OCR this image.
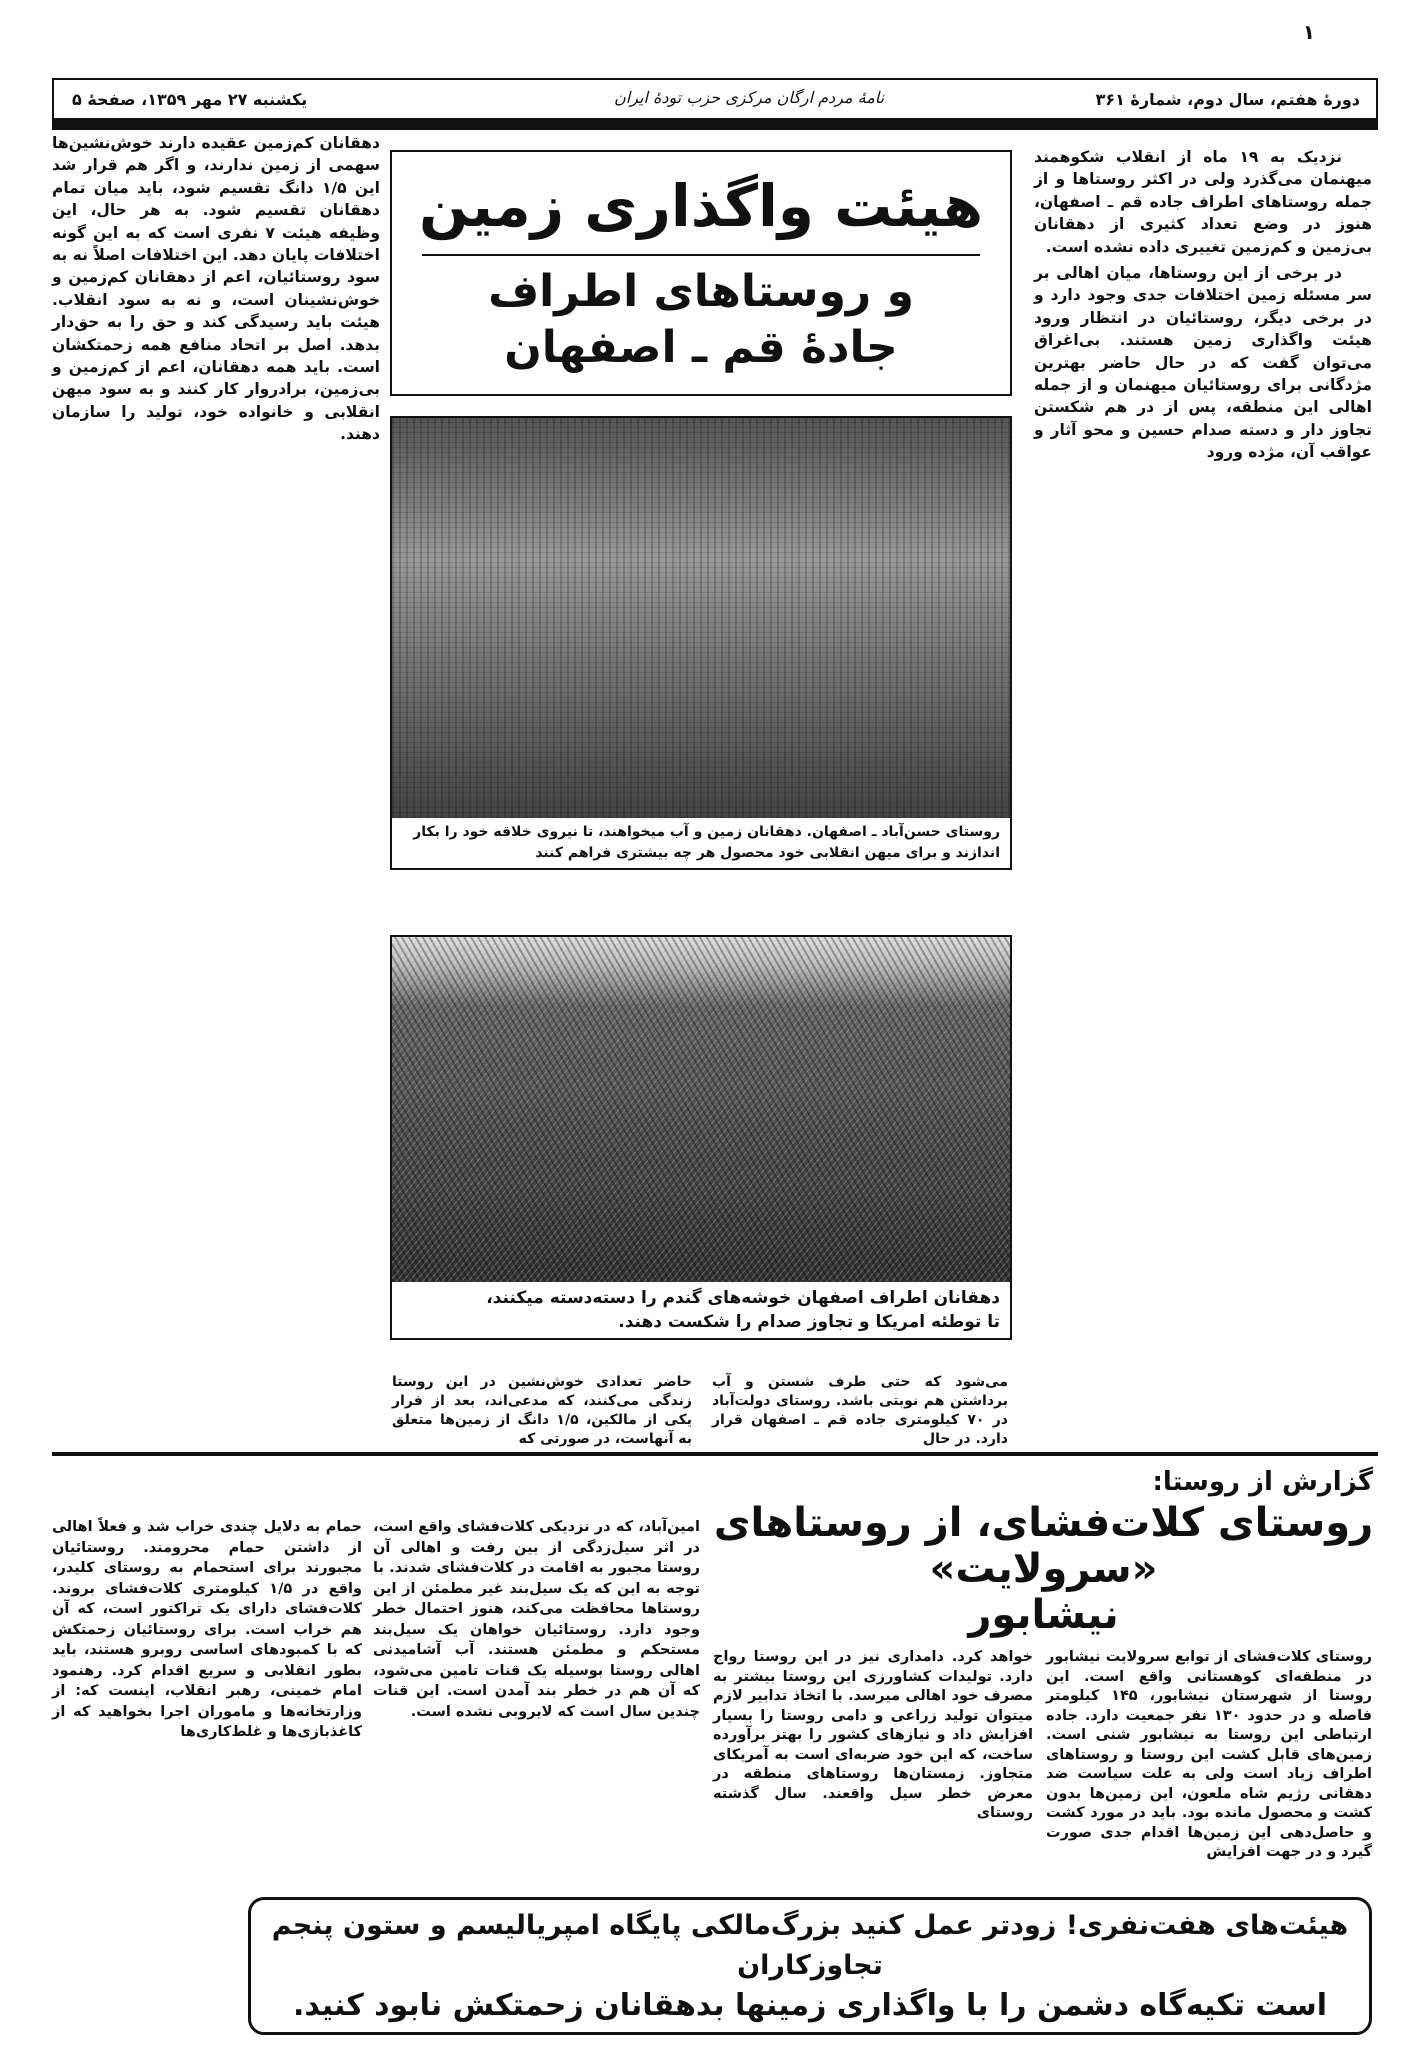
۱
دورهٔ هفتم، سال دوم، شمارهٔ ۳۶۱
نامهٔ مردم ارگان مرکزی حزب تودهٔ ایران
یکشنبه ۲۷ مهر ۱۳۵۹، صفحهٔ ۵

نزدیک به ۱۹ ماه از انقلاب شکوهمند میهنمان می‌گذرد ولی در اکثر روستاها و از جمله روستاهای اطراف جاده قم ـ اصفهان، هنوز در وضع تعداد کثیری از دهقانان بی‌زمین و کم‌زمین تغییری داده نشده است.

در برخی از این روستاها، میان اهالی بر سر مسئله زمین اختلافات جدی وجود دارد و در برخی دیگر، روستائیان در انتظار ورود هیئت واگذاری زمین هستند. بی‌اغراق می‌توان گفت که در حال حاضر بهترین مژدگانی برای روستائیان میهنمان و از جمله اهالی این منطقه، پس از در هم شکستن تجاوز دار و دسته صدام حسین و محو آثار و عواقب آن، مژده ورود

هیئت واگذاری زمین
و روستاهای اطراف
جادهٔ قم ـ اصفهان
روستای حسن‌آباد ـ اصفهان. دهقانان زمین و آب میخواهند، تا نیروی خلاقه خود را بکار
اندازند و برای میهن انقلابی خود محصول هر چه بیشتری فراهم کنند
دهقانان اطراف اصفهان خوشه‌های گندم را دسته‌دسته میکنند،
تا توطئه امریکا و تجاوز صدام را شکست دهند.
می‌شود که حتی طرف شستن و آب برداشتن هم نوبتی باشد. روستای دولت‌آباد در ۷۰ کیلومتری جاده قم ـ اصفهان قرار دارد. در حال
حاضر تعدادی خوش‌نشین در این روستا زندگی می‌کنند، که مدعی‌اند، بعد از فرار یکی از مالکین، ۱/۵ دانگ از زمین‌ها متعلق به آنهاست، در صورتی که

دهقانان کم‌زمین عقیده دارند خوش‌نشین‌ها سهمی از زمین ندارند، و اگر هم قرار شد این ۱/۵ دانگ تقسیم شود، باید میان تمام دهقانان تقسیم شود. به هر حال، این وظیفه هیئت ۷ نفری است که به این گونه اختلافات پایان دهد. این اختلافات اصلاً نه به سود روستائیان، اعم از دهقانان کم‌زمین و خوش‌نشینان است، و نه به سود انقلاب. هیئت باید رسیدگی کند و حق را به حق‌دار بدهد. اصل بر اتحاد منافع همه زحمتکشان است. باید همه دهقانان، اعم از کم‌زمین و بی‌زمین، برادروار کار کنند و به سود میهن انقلابی و خانواده خود، تولید را سازمان دهند.

گزارش از روستا:
روستای کلات‌فشای، از روستاهای «سرولایت»
نیشابور
روستای کلات‌فشای از توابع سرولایت نیشابور در منطقه‌ای کوهستانی واقع است. این روستا از شهرستان نیشابور، ۱۴۵ کیلومتر فاصله و در حدود ۱۳۰ نفر جمعیت دارد. جاده ارتباطی این روستا به نیشابور شنی است. زمین‌های قابل کشت این روستا و روستاهای اطراف زیاد است ولی به علت سیاست ضد دهقانی رژیم شاه ملعون، این زمین‌ها بدون کشت و محصول مانده بود. باید در مورد کشت و حاصل‌دهی این زمین‌ها اقدام جدی صورت گیرد و در جهت افزایش
خواهد کرد. دامداری نیز در این روستا رواج دارد. تولیدات کشاورزی این روستا بیشتر به مصرف خود اهالی میرسد. با اتخاذ تدابیر لازم میتوان تولید زراعی و دامی روستا را بسیار افزایش داد و نیازهای کشور را بهتر برآورده ساخت، که این خود ضربه‌ای است به آمریکای متجاوز. زمستان‌ها روستاهای منطقه در معرض خطر سیل واقعند. سال گذشته روستای
امین‌آباد، که در نزدیکی کلات‌فشای واقع است، در اثر سیل‌زدگی از بین رفت و اهالی آن روستا مجبور به اقامت در کلات‌فشای شدند. با توجه به این که یک سیل‌بند غیر مطمئن از این روستاها محافظت می‌کند، هنوز احتمال خطر وجود دارد. روستائیان خواهان یک سیل‌بند مستحکم و مطمئن هستند. آب آشامیدنی اهالی روستا بوسیله یک قنات تامین می‌شود، که آن هم در خطر بند آمدن است. این قنات چندین سال است که لایروبی نشده است.
حمام به دلایل چندی خراب شد و فعلاً اهالی از داشتن حمام محرومند. روستائیان مجبورند برای استحمام به روستای کلیدر، واقع در ۱/۵ کیلومتری کلات‌فشای بروند. کلات‌فشای دارای یک تراکتور است، که آن هم خراب است. برای روستائیان زحمتکش که با کمبودهای اساسی روبرو هستند، باید بطور انقلابی و سریع اقدام کرد. رهنمود امام خمینی، رهبر انقلاب، اینست که: از وزارتخانه‌ها و ماموران اجرا بخواهید که از کاغذبازی‌ها و غلط‌کاری‌ها
هیئت‌های هفت‌نفری! زودتر عمل کنید بزرگ‌مالکی پایگاه امپریالیسم و ستون پنجم تجاوزکاران
است تکیه‌گاه دشمن را با واگذاری زمینها بدهقانان زحمتکش نابود کنید.
